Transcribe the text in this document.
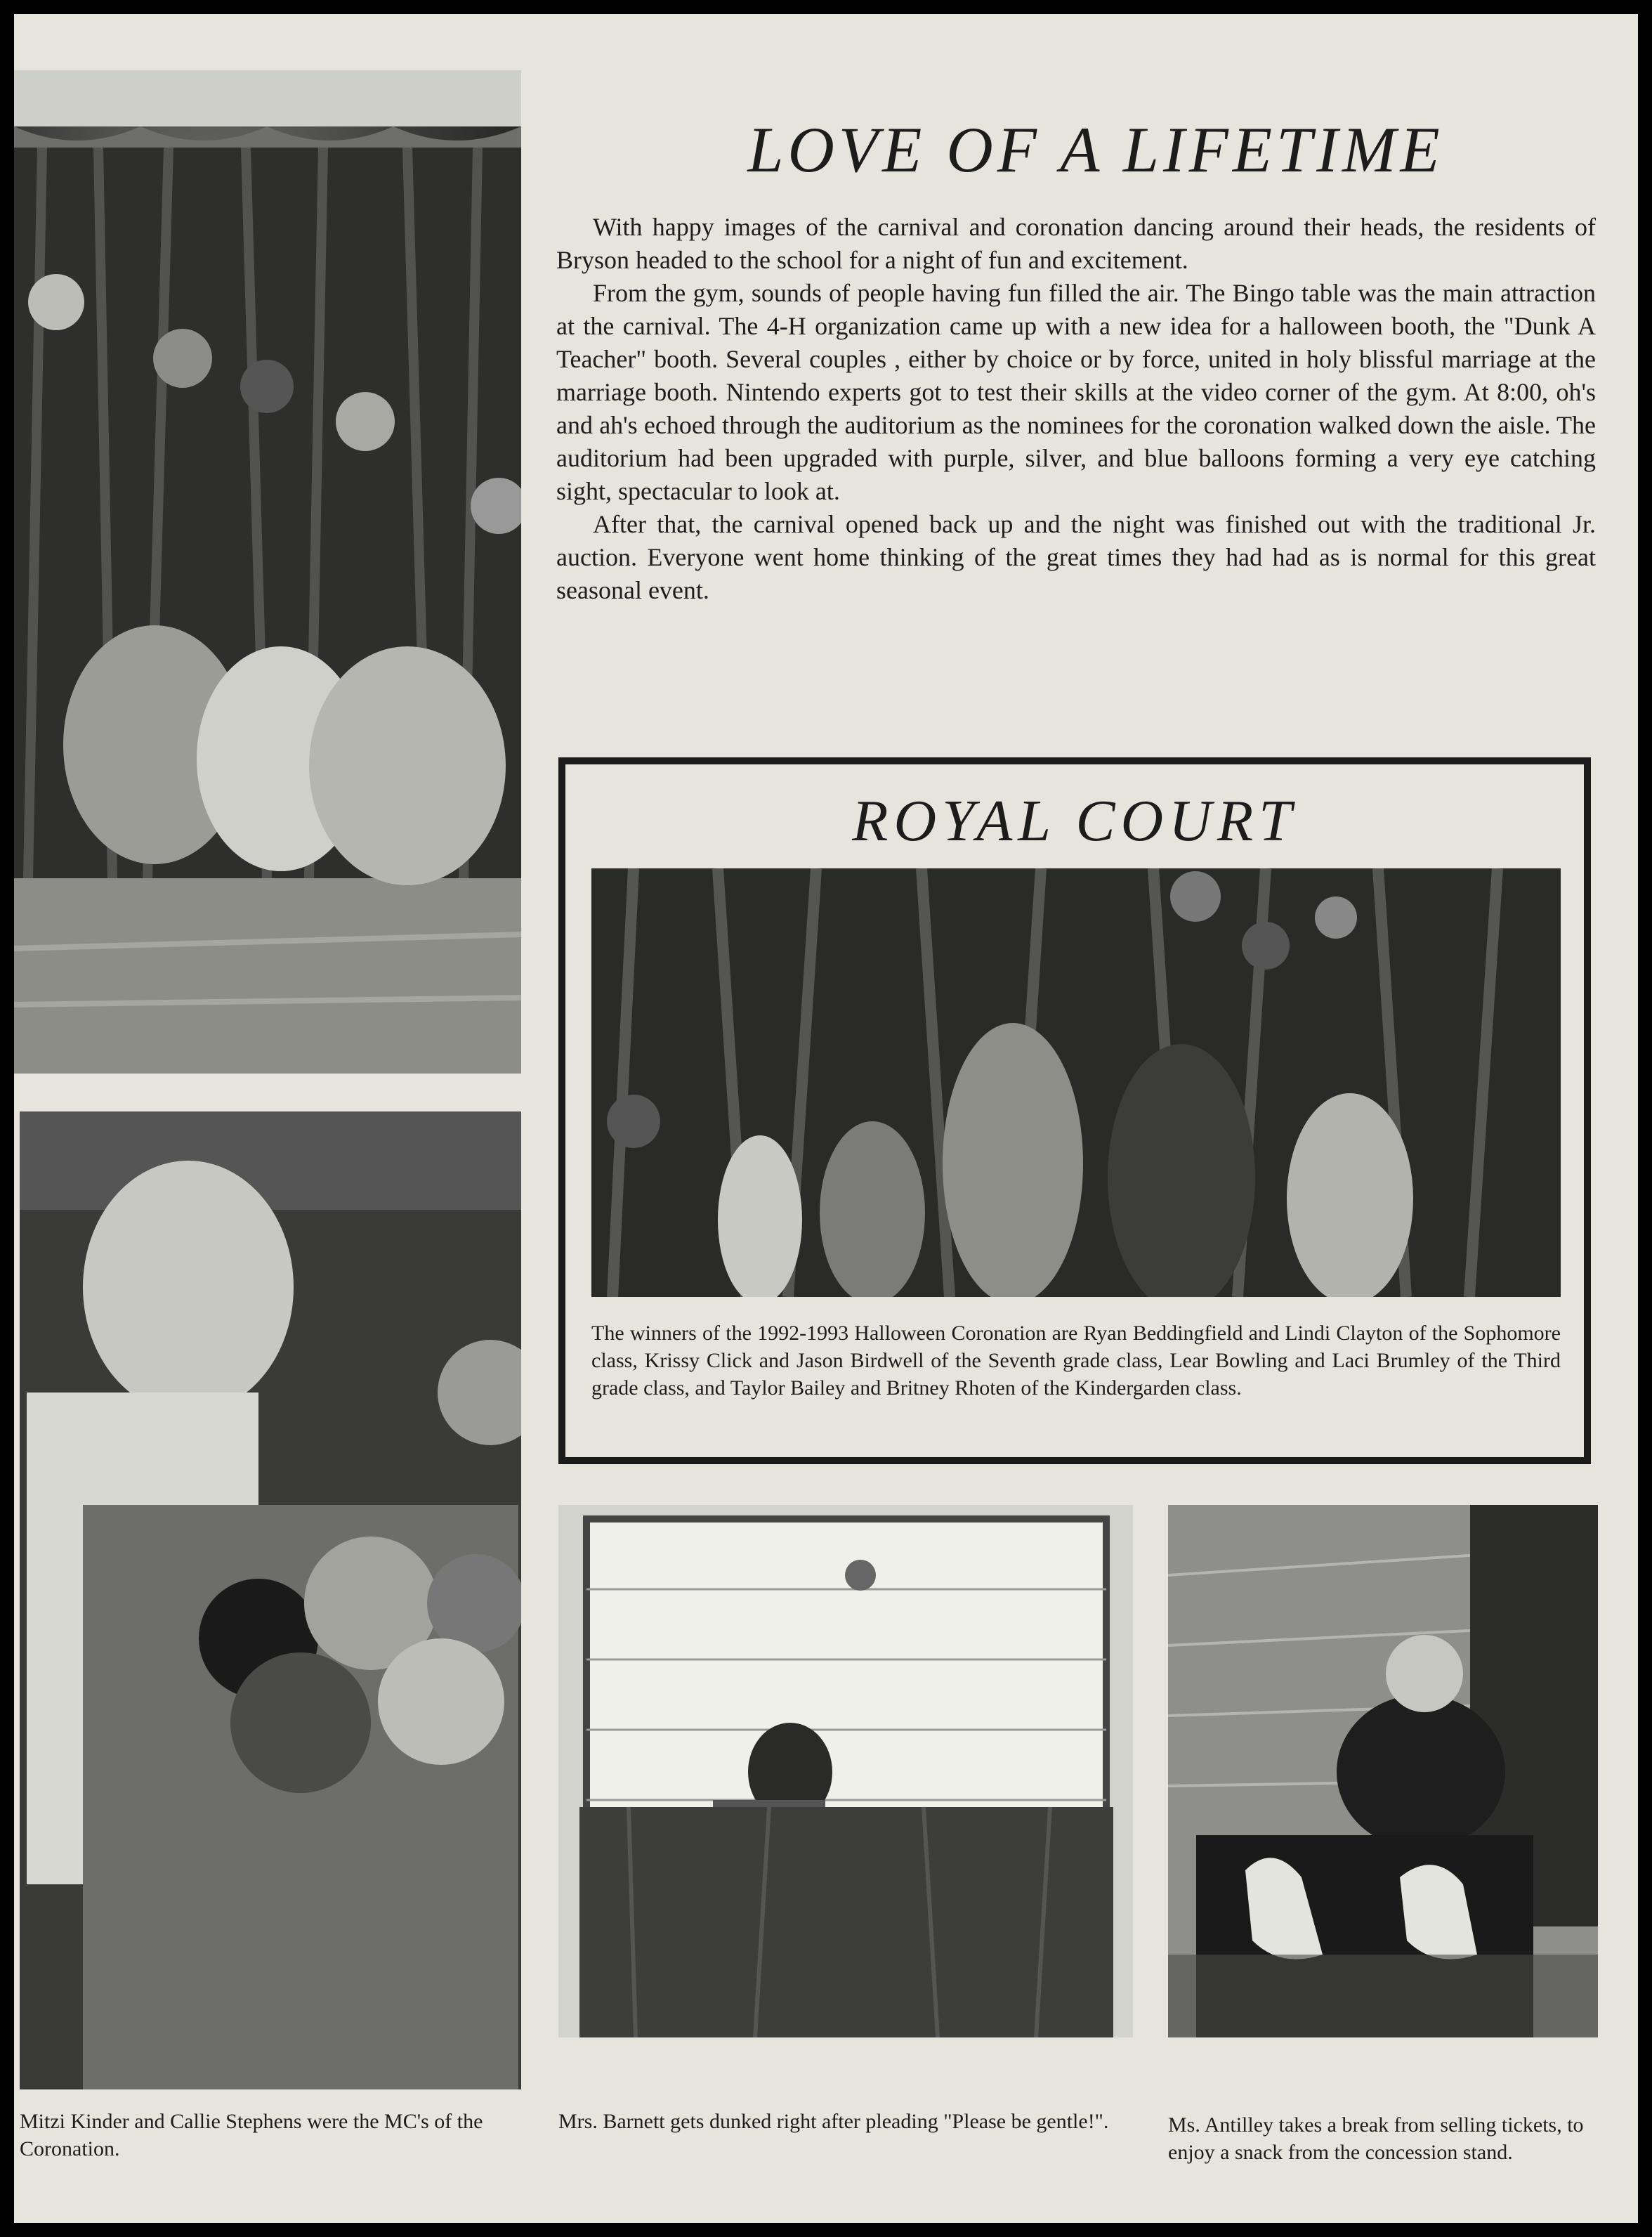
LOVE OF A LIFETIME

With happy images of the carnival and coronation dancing around their heads, the residents of Bryson headed to the school for a night of fun and excitement.

From the gym, sounds of people having fun filled the air. The Bingo table was the main attraction at the carnival. The 4-H organization came up with a new idea for a halloween booth, the "Dunk A Teacher" booth. Several couples , either by choice or by force, united in holy blissful marriage at the marriage booth. Nintendo experts got to test their skills at the video corner of the gym. At 8:00, oh's and ah's echoed through the auditorium as the nominees for the coronation walked down the aisle. The auditorium had been upgraded with purple, silver, and blue balloons forming a very eye catching sight, spectacular to look at.

After that, the carnival opened back up and the night was finished out with the traditional Jr. auction. Everyone went home thinking of the great times they had had as is normal for this great seasonal event.

ROYAL COURT
The winners of the 1992-1993 Halloween Coronation are Ryan Beddingfield and Lindi Clayton of the Sophomore class, Krissy Click and Jason Birdwell of the Seventh grade class, Lear Bowling and Laci Brumley of the Third grade class, and Taylor Bailey and Britney Rhoten of the Kindergarden class.
Mitzi Kinder and Callie Stephens were the MC's of the Coronation.
Mrs. Barnett gets dunked right after pleading "Please be gentle!".	Ms. Antilley takes a break from selling tickets, to enjoy a snack from the concession stand.
